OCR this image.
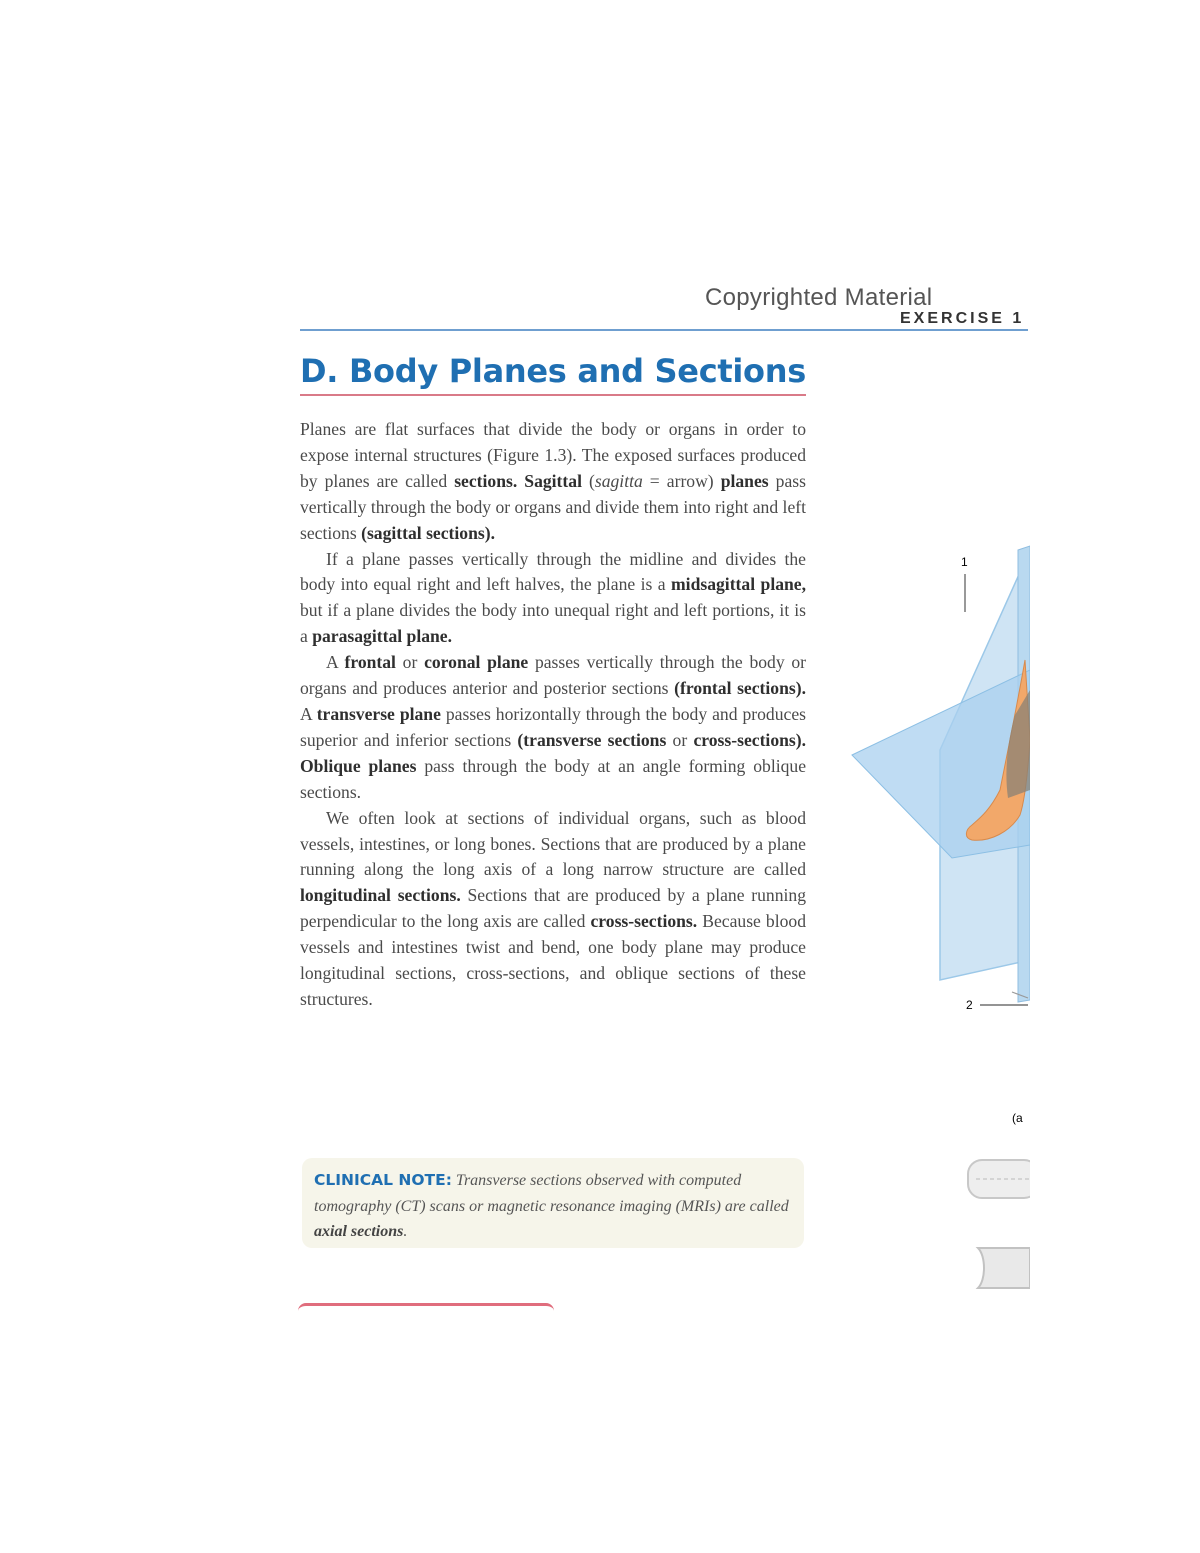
Copyrighted Material
EXERCISE 1
D. Body Planes and Sections

Planes are flat surfaces that divide the body or organs in order to expose internal structures (Figure 1.3). The exposed surfaces produced by planes are called sections. Sagittal (sagitta = arrow) planes pass vertically through the body or organs and divide them into right and left sections (sagittal sections).

If a plane passes vertically through the midline and divides the body into equal right and left halves, the plane is a midsagittal plane, but if a plane divides the body into unequal right and left portions, it is a parasagittal plane.

A frontal or coronal plane passes vertically through the body or organs and produces anterior and posterior sections (frontal sections). A transverse plane passes horizontally through the body and produces superior and inferior sections (transverse sections or cross-sections). Oblique planes pass through the body at an angle forming oblique sections.

We often look at sections of individual organs, such as blood vessels, intestines, or long bones. Sections that are produced by a plane running along the long axis of a long narrow structure are called longitudinal sections. Sections that are produced by a plane running perpendicular to the long axis are called cross-sections. Because blood vessels and intestines twist and bend, one body plane may produce longitudinal sections, cross-sections, and oblique sections of these structures.

CLINICAL NOTE: Transverse sections observed with computed tomography (CT) scans or magnetic resonance imaging (MRIs) are called axial sections.
1
2
(a
